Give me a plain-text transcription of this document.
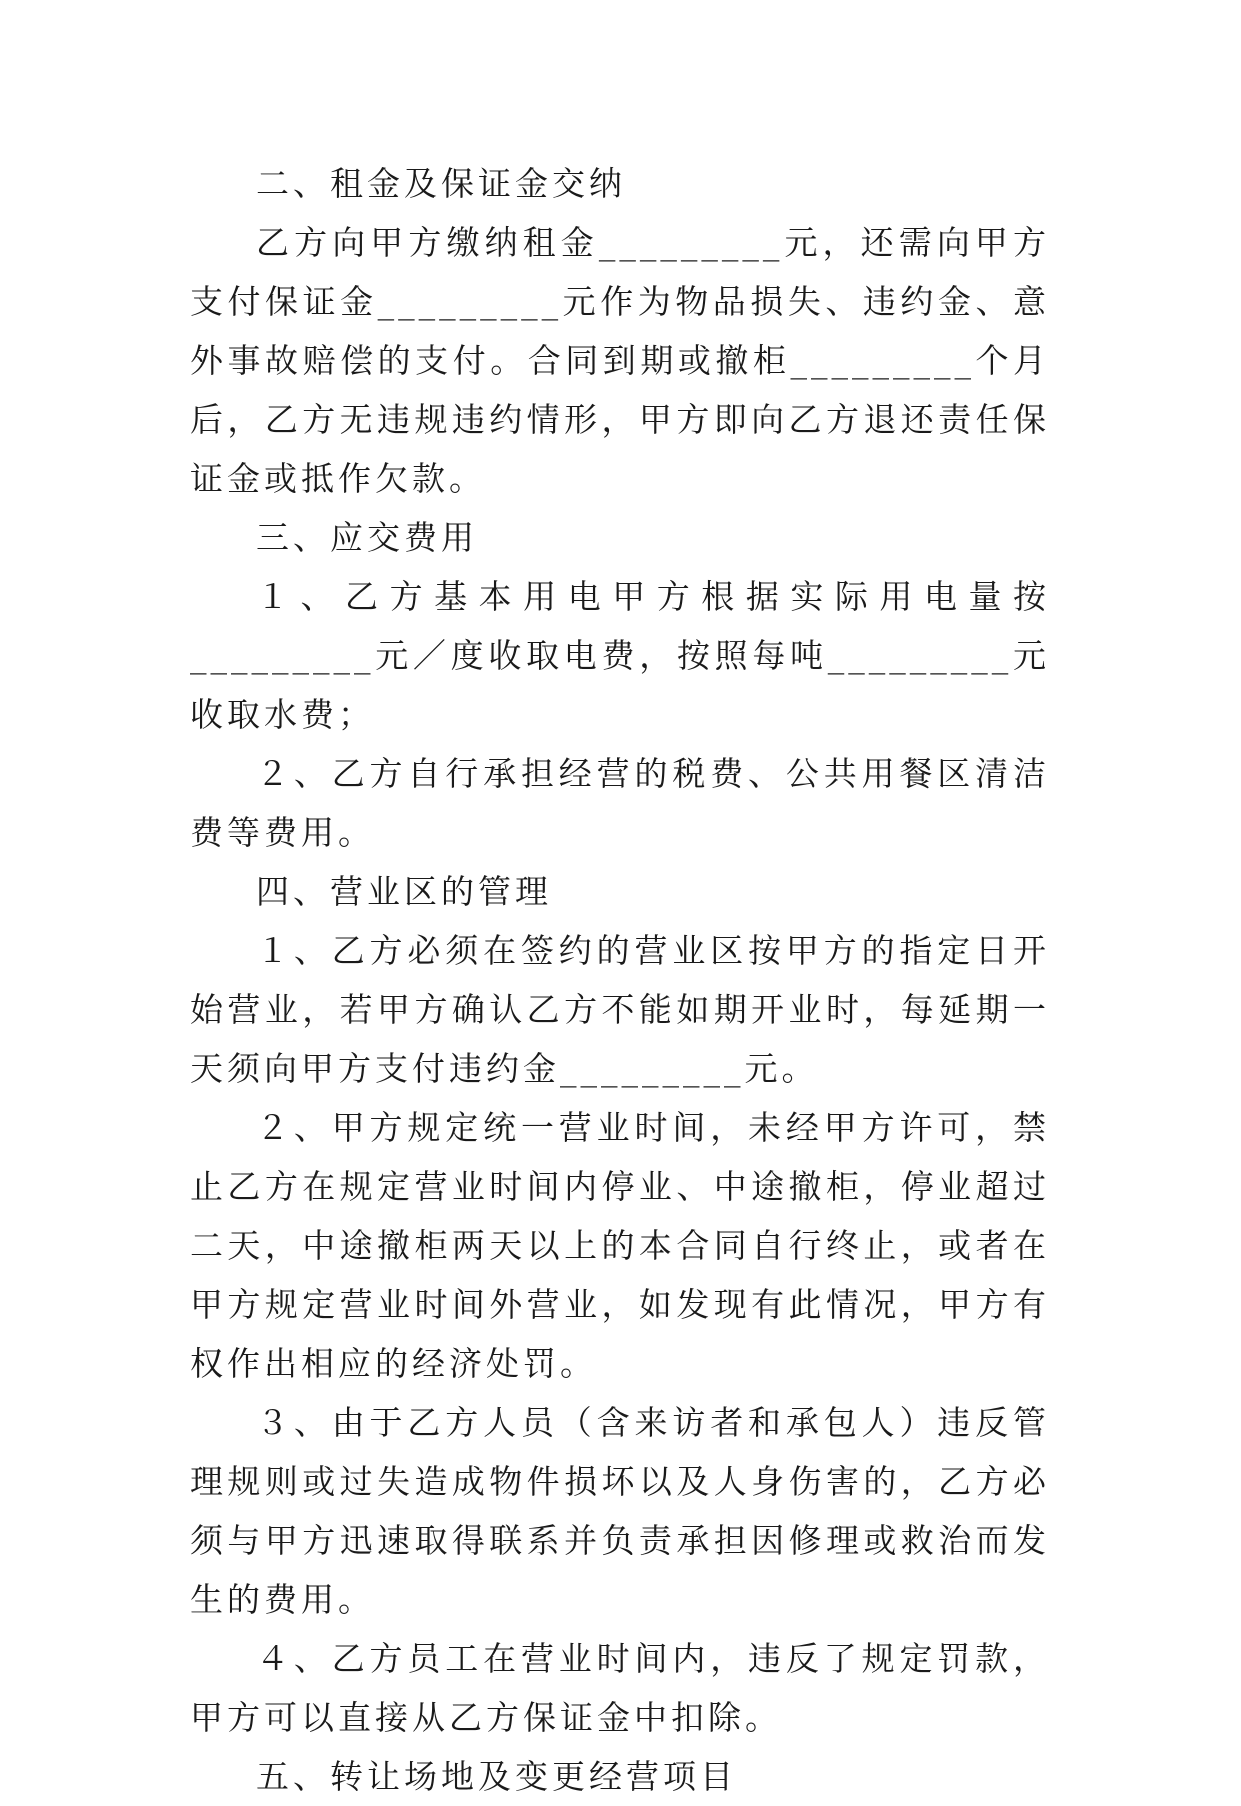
二、租金及保证金交纳

乙方向甲方缴纳租金_________元，还需向甲方支付保证金_________元作为物品损失、违约金、意外事故赔偿的支付。合同到期或撤柜_________个月后，乙方无违规违约情形，甲方即向乙方退还责任保证金或抵作欠款。

三、应交费用

１、乙方基本用电甲方根据实际用电量按_________元／度收取电费，按照每吨_________元收取水费；

２、乙方自行承担经营的税费、公共用餐区清洁费等费用。

四、营业区的管理

１、乙方必须在签约的营业区按甲方的指定日开始营业，若甲方确认乙方不能如期开业时，每延期一天须向甲方支付违约金_________元。

２、甲方规定统一营业时间，未经甲方许可，禁止乙方在规定营业时间内停业、中途撤柜，停业超过二天，中途撤柜两天以上的本合同自行终止，或者在甲方规定营业时间外营业，如发现有此情况，甲方有权作出相应的经济处罚。

３、由于乙方人员（含来访者和承包人）违反管理规则或过失造成物件损坏以及人身伤害的，乙方必须与甲方迅速取得联系并负责承担因修理或救治而发生的费用。

４、乙方员工在营业时间内，违反了规定罚款，甲方可以直接从乙方保证金中扣除。

五、转让场地及变更经营项目
